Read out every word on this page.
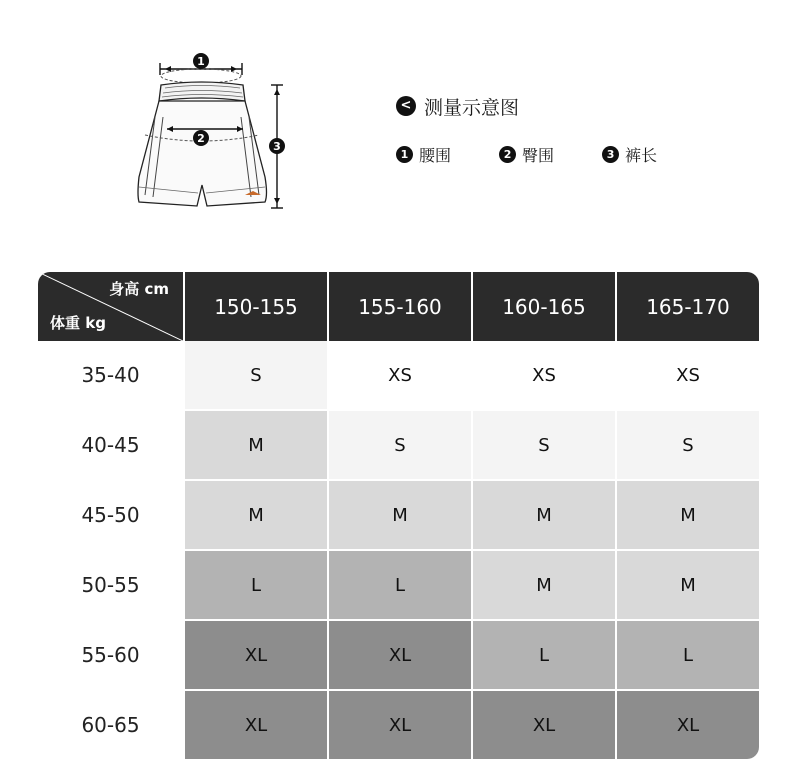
1
2
3
< 测量示意图
1 腰围	2 臀围	3 裤长
身高 cm
体重 kg
150-155	155-160	160-165	165-170
35-40	S	XS	XS	XS
40-45	M	S	S	S
45-50	M	M	M	M
50-55	L	L	M	M
55-60	XL	XL	L	L
60-65	XL	XL	XL	XL
